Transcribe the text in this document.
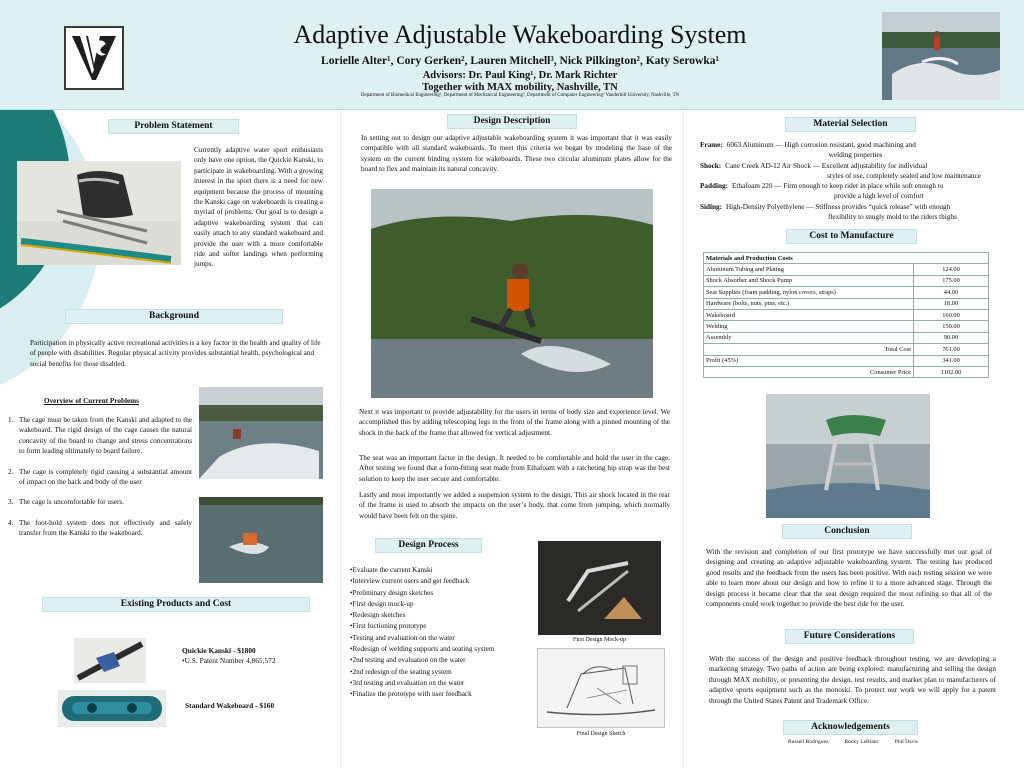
Adaptive Adjustable Wakeboarding System
Lorielle Alter¹, Cory Gerken², Lauren Mitchell³, Nick Pilkington², Katy Serowka¹
Advisors: Dr. Paul King¹, Dr. Mark Richter
Together with MAX mobility, Nashville, TN
Department of Biomedical Engineering¹, Department of Mechanical Engineering², Department of Computer Engineering³ Vanderbilt University, Nashville, TN
Problem Statement
Currently adaptive water sport enthusiasts only have one option, the Quickie Kanski, to participate in wakeboarding. With a growing interest in the sport there is a need for new equipment because the process of mounting the Kanski cage on wakeboards is creating a myriad of problems. Our goal is to design a adaptive wakeboarding system that can easily attach to any standard wakeboard and provide the user with a more comfortable ride and softer landings when performing jumps.
Background
Participation in physically active recreational activities is a key factor in the health and quality of life of people with disabilities. Regular physical activity provides substantial health, psychological and social benefits for those disabled.
Overview of Current Problems
1. The cage must be taken from the Kanski and adapted to the wakeboard. The rigid design of the cage causes the natural concavity of the board to change and stress concentrations to form leading ultimately to board failure.
2. The cage is completely rigid causing a substantial amount of impact on the back and body of the user
3. The cage is uncomfortable for users.
4. The foot-hold system does not effectively and safely transfer from the Kanski to the wakeboard.
Existing Products and Cost
Quickie Kanski - $1800
•U.S. Patent Number 4,865,572
Standard Wakeboard - $160
Design Description
In setting out to design our adaptive adjustable wakeboarding system it was important that it was easily compatible with all standard wakeboards. To meet this criteria we began by modeling the base of the system on the current binding system for wakeboards. These two circular aluminum plates allow for the board to flex and maintain its natural concavity.
Next it was important to provide adjustability for the users in terms of body size and experience level. We accomplished this by adding telescoping legs in the front of the frame along with a pinned mounting of the shock in the back of the frame that allowed for vertical adjustment.
The seat was an important factor in the design. It needed to be comfortable and hold the user in the cage. After testing we found that a form-fitting seat made from Ethafoam with a ratcheting hip strap was the best solution to keep the user secure and comfortable.
Lastly and most importantly we added a suspension system to the design. This air shock located in the rear of the frame is used to absorb the impacts on the user’s body, that come from jumping, which normally would have been felt on the spine.
Design Process
•Evaluate the current Kanski
•Interview current users and get feedback
•Preliminary design sketches
•First design mock-up
•Redesign sketches
•First fuctioning prototype
•Testing and evaluation on the water
•Redesign of welding supports and seating system
•2nd testing and evaluation on the water
•2nd redesign of the seating system
•3rd testing and evaluation on the water
•Finalize the prototype with user feedback
First Design Mock-up
Final Design Sketch
Material Selection
Frame: 6063 Aluminum — High corrosion resistant, good machining and
welding properties
Shock: Cane Creek AD-12 Air Shock — Excellent adjustability for individual
styles of use, completely sealed and low maintenance
Padding: Ethafoam 220 — Firm enough to keep rider in place while soft enough to
provide a high level of comfort
Siding: High-Density Polyethylene — Stiffness provides “quick release” with enough
flexibility to snugly mold to the riders thighs
Cost to Manufacture
Materials and Production Costs	
Aluminum Tubing and Plating	124.00
Shock Absorber and Shock Pump	175.00
Seat Supplies (foam padding, nylon covers, straps)	44.00
Hardware (bolts, nuts, pins, etc.)	18.00
Wakeboard	160.00
Welding	150.00
Assembly	90.00
Total Cost	761.00
Profit (45%)	341.00
Consumer Price	1102.00
Conclusion
With the revision and completion of our first prototype we have successfully met our goal of designing and creating an adaptive adjustable wakeboarding system. The testing has produced good results and the feedback from the users has been positive. With each testing session we were able to learn more about our design and how to refine it to a more advanced stage. Through the design process it became clear that the seat design required the most refining so that all of the components could work together to provide the best ride for the user.
Future Considerations
With the success of the design and positive feedback throughout testing, we are developing a marketing strategy. Two paths of action are being explored: manufacturing and selling the design through MAX mobility, or presenting the design, test results, and market plan to manufacturers of adaptive sports equipment such as the monoski. To protect our work we will apply for a patent through the United States Patent and Trademark Office.
Acknowledgements
Russell Rodriguez	Rocky LeBlanc	Phil Davis
